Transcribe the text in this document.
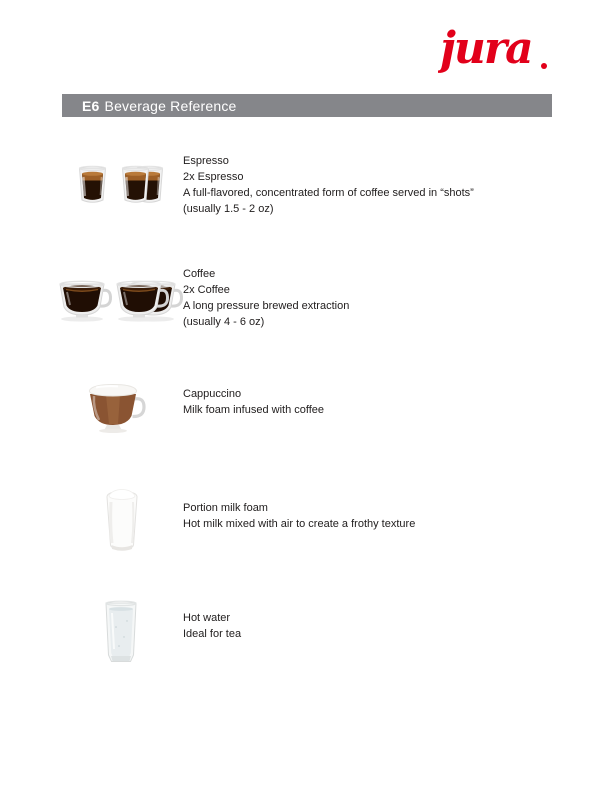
jura
E6 Beverage Reference
Espresso
2x Espresso
A full-flavored, concentrated form of coffee served in “shots”
(usually 1.5 - 2 oz)
Coffee
2x Coffee
A long pressure brewed extraction
(usually 4 - 6 oz)
Cappuccino
Milk foam infused with coffee
Portion milk foam
Hot milk mixed with air to create a frothy texture
Hot water
Ideal for tea
